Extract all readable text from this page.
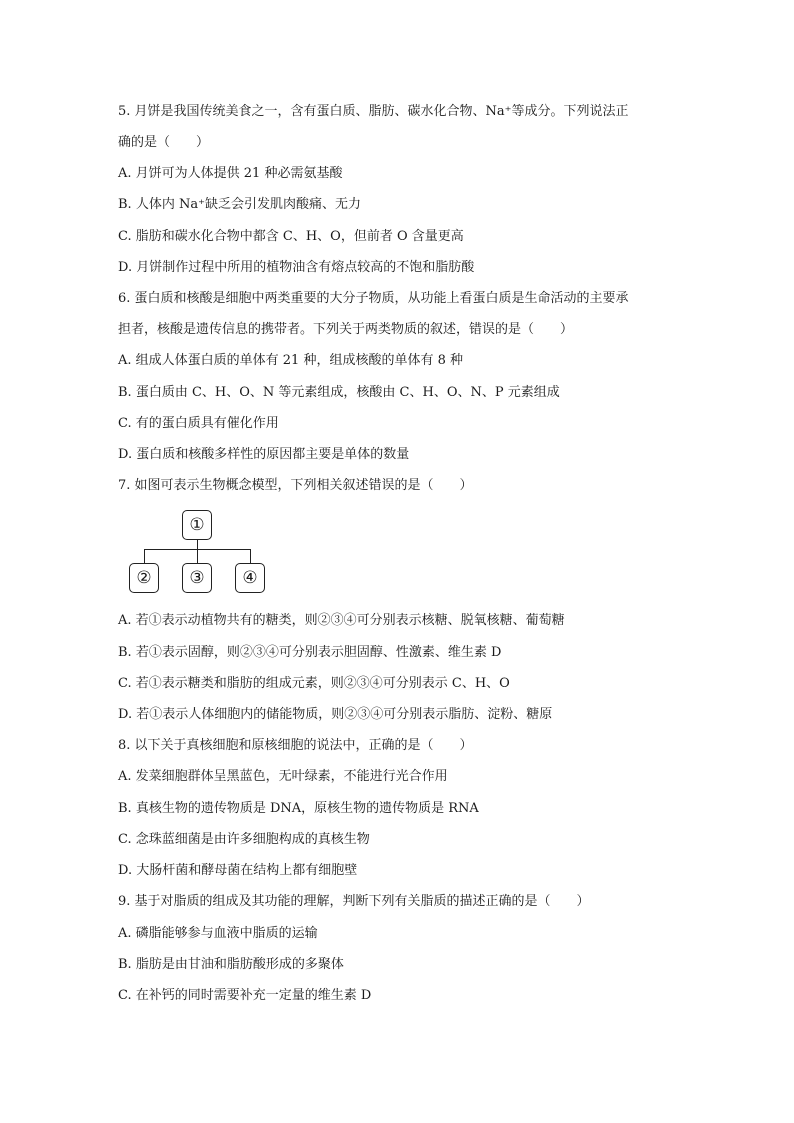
5. 月饼是我国传统美食之一，含有蛋白质、脂肪、碳水化合物、Na⁺等成分。下列说法正
确的是（　　）
A. 月饼可为人体提供 21 种必需氨基酸
B. 人体内 Na⁺缺乏会引发肌肉酸痛、无力
C. 脂肪和碳水化合物中都含 C、H、O，但前者 O 含量更高
D. 月饼制作过程中所用的植物油含有熔点较高的不饱和脂肪酸
6. 蛋白质和核酸是细胞中两类重要的大分子物质，从功能上看蛋白质是生命活动的主要承
担者，核酸是遗传信息的携带者。下列关于两类物质的叙述，错误的是（　　）
A. 组成人体蛋白质的单体有 21 种，组成核酸的单体有 8 种
B. 蛋白质由 C、H、O、N 等元素组成，核酸由 C、H、O、N、P 元素组成
C. 有的蛋白质具有催化作用
D. 蛋白质和核酸多样性的原因都主要是单体的数量
7. 如图可表示生物概念模型，下列相关叙述错误的是（　　）
①
②	③	④
A. 若①表示动植物共有的糖类，则②③④可分别表示核糖、脱氧核糖、葡萄糖
B. 若①表示固醇，则②③④可分别表示胆固醇、性激素、维生素 D
C. 若①表示糖类和脂肪的组成元素，则②③④可分别表示 C、H、O
D. 若①表示人体细胞内的储能物质，则②③④可分别表示脂肪、淀粉、糖原
8. 以下关于真核细胞和原核细胞的说法中，正确的是（　　）
A. 发菜细胞群体呈黑蓝色，无叶绿素，不能进行光合作用
B. 真核生物的遗传物质是 DNA，原核生物的遗传物质是 RNA
C. 念珠蓝细菌是由许多细胞构成的真核生物
D. 大肠杆菌和酵母菌在结构上都有细胞壁
9. 基于对脂质的组成及其功能的理解，判断下列有关脂质的描述正确的是（　　）
A. 磷脂能够参与血液中脂质的运输
B. 脂肪是由甘油和脂肪酸形成的多聚体
C. 在补钙的同时需要补充一定量的维生素 D
